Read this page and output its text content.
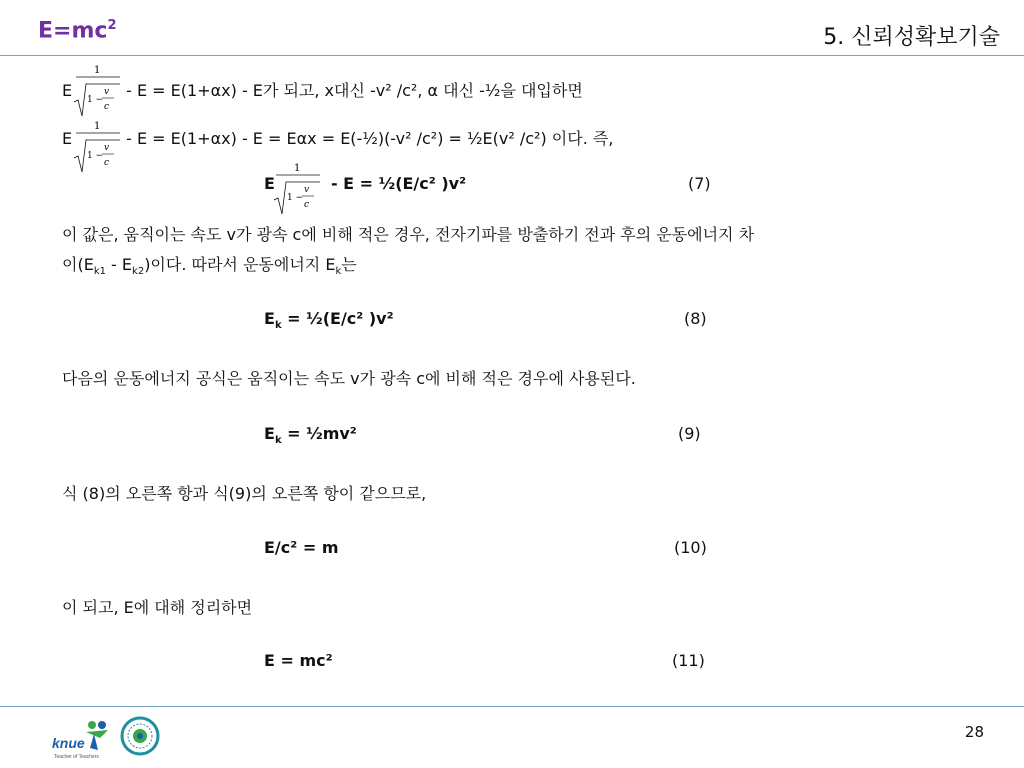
$E=mc^2$	5. 신뢰성확보기술
1
1 −
v
c
E	- E = E(1+αx) - E가 되고, x대신 -v² /c², α 대신 -½을 대입하면
1
1 −
v
c
E	- E = E(1+αx) - E = Eαx = E(-½)(-v² /c²) = ½E(v² /c²) 이다. 즉,
1
1 −
v
c
E	- E = ½(E/c² )v²	(7)
이 값은, 움직이는 속도 v가 광속 c에 비해 적은 경우, 전자기파를 방출하기 전과 후의 운동에너지 차
이$(E_{k1} - E_{k2})$이다. 따라서 운동에너지 $E_k$는
$E_k$ = ½(E/c² )v²	(8)
다음의 운동에너지 공식은 움직이는 속도 v가 광속 c에 비해 적은 경우에 사용된다.
$E_k$ = ½mv²	(9)
식 (8)의 오른쪽 항과 식(9)의 오른쪽 항이 같으므로,
E/c² = m	(10)
이 되고, E에 대해 정리하면
E = mc²	(11)
knue
Teacher of Teachers
28
